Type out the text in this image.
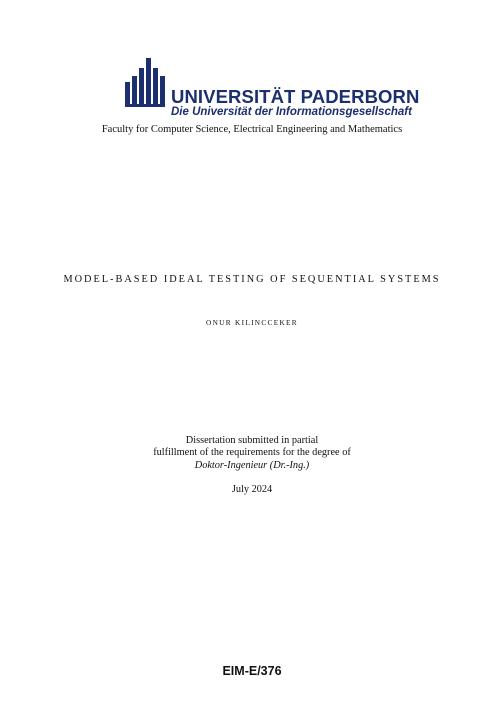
UNIVERSITÄT PADERBORN
Die Universität der Informationsgesellschaft
Faculty for Computer Science, Electrical Engineering and Mathematics
MODEL-BASED IDEAL TESTING OF SEQUENTIAL SYSTEMS
ONUR KILINCCEKER
Dissertation submitted in partial
fulfillment of the requirements for the degree of
Doktor-Ingenieur (Dr.-Ing.)
July 2024
EIM-E/376
